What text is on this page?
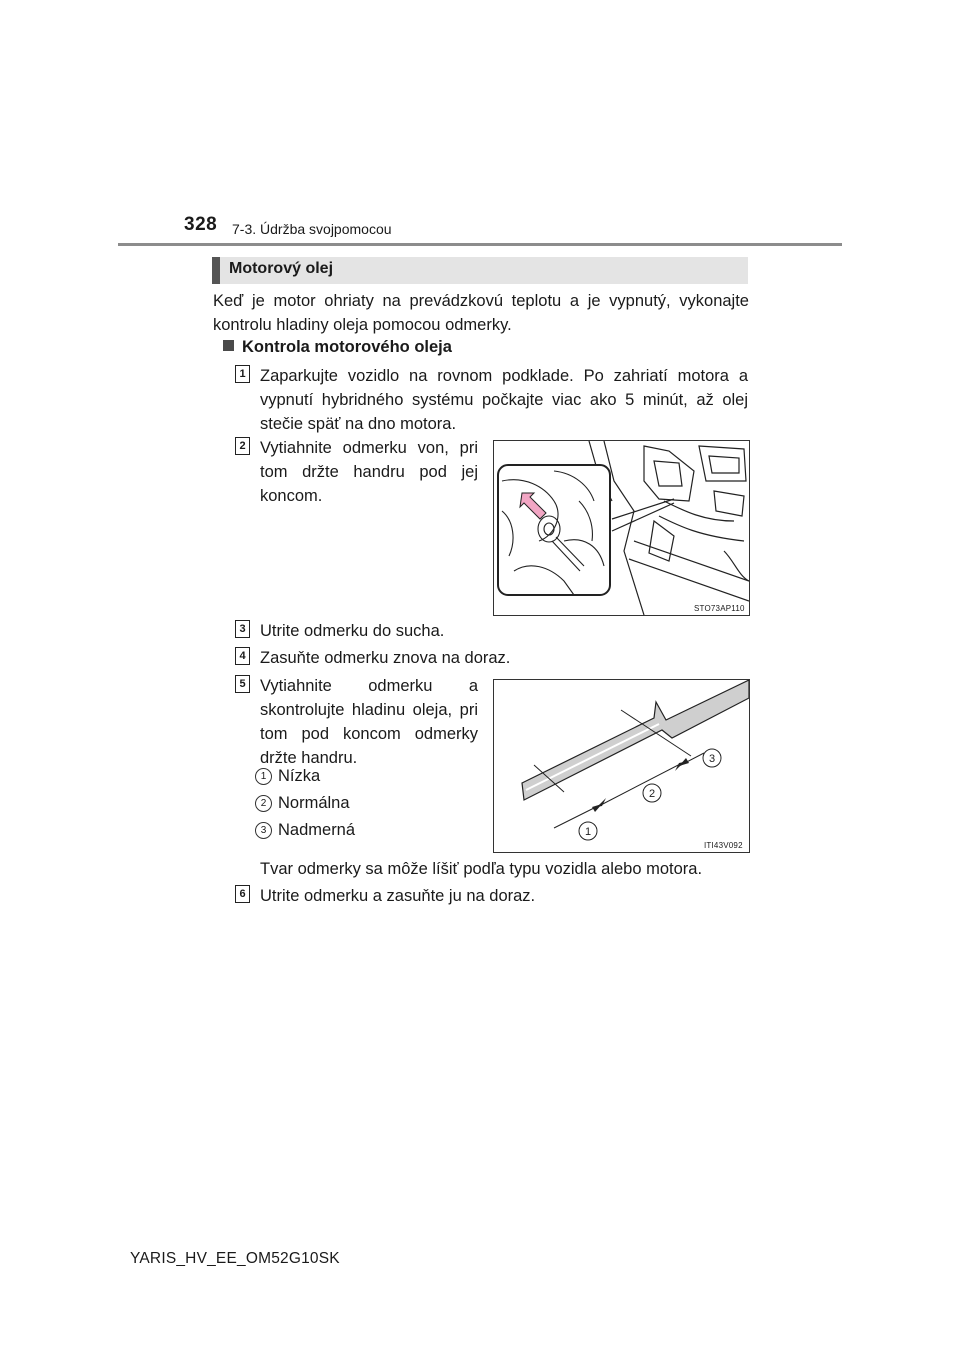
328 7-3. Údržba svojpomocou
Motorový olej
Keď je motor ohriaty na prevádzkovú teplotu a je vypnutý, vykonajte kontrolu hladiny oleja pomocou odmerky.
Kontrola motorového oleja
1 Zaparkujte vozidlo na rovnom podklade. Po zahriatí motora a vypnutí hybridného systému počkajte viac ako 5 minút, až olej stečie späť na dno motora.
2 Vytiahnite odmerku von, pri tom držte handru pod jej koncom.
STO73AP110
3 Utrite odmerku do sucha.
4 Zasuňte odmerku znova na doraz.
5 Vytiahnite odmerku a skontrolujte hladinu oleja, pri tom pod koncom odmerky držte handru.
1 Nízka
2 Normálna
3 Nadmerná	1
2
3
ITI43V092
Tvar odmerky sa môže líšiť podľa typu vozidla alebo motora.
6 Utrite odmerku a zasuňte ju na doraz.
YARIS_HV_EE_OM52G10SK
